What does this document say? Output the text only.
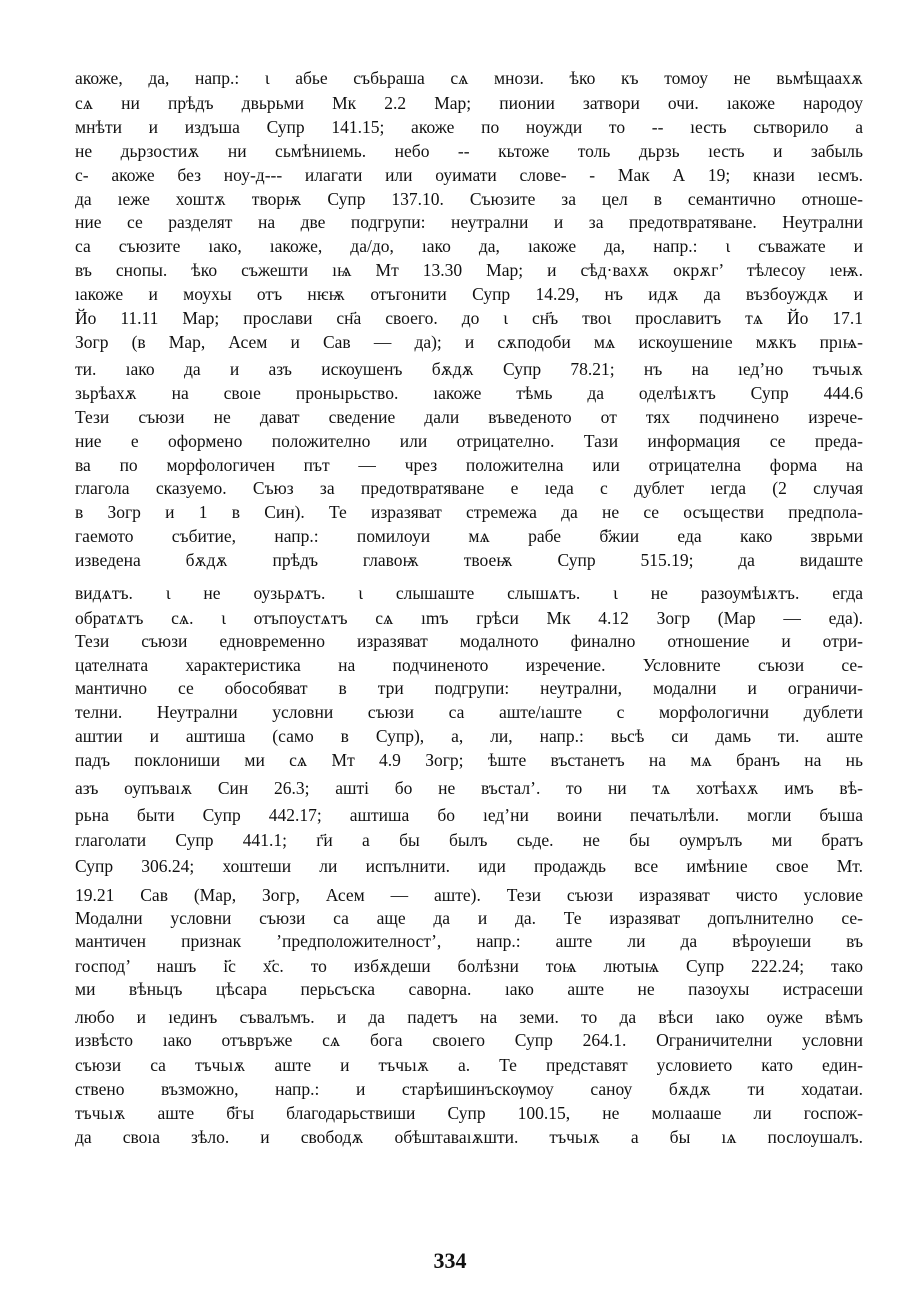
акоже, да, напр.: ι абье събьраша сѧ мнози. ѣко къ томоу не вьмѣщаахѫ
сѧ ни прѣдъ двьрьми Мк 2.2 Мар; пионии затвори очи. ıакоже народоу
мнѣти и издъша Супр 141.15; акоже по ноужди то -- ıесть сьтворило а
не дьрзостиѫ ни сьмѣниıемь. небо -- кьтоже толь дьрзь ıесть и забыль
с- акоже без ноу-д--- илагати или оуимати слове- - Мак А 19; кнази ıесмъ.
да ıеже хоштѫ творѭ Супр 137.10. Съюзите за цел в семантично отноше-
ние се разделят на две подгрупи: неутрални и за предотвратяване. Неутрални
са съюзите ıако, ıакоже, да/до, ıако да, ıакоже да, напр.: ι съважате и
въ снопы. ѣко съжешти ıѩ Мт 13.30 Мар; и сѣд·вахѫ окрѫг’ тѣлесоу ıеѭ.
ıакоже и моухы отъ нѥѭ отъгонити Супр 14.29, нъ идѫ да възбоуждѫ и
Йо 11.11 Мар; прослави сн҃а своего. до ι сн҃ъ твоι прославитъ тѧ Йо 17.1
Зогр (в Мар, Асем и Сав — да); и сѫподоби мѧ искоушениıе мѫкъ прıѩ-
ти. ıако да и азъ искоушенъ бѫдѫ Супр 78.21; нъ на ıед’но тъчьıѫ
зьрѣахѫ на своıе проньıрьство. ıакоже тѣмь да оделѣıѫтъ Супр 444.6
Тези съюзи не дават сведение дали въведеното от тях подчинено изрече-
ние е оформено положително или отрицателно. Тази информация се преда-
ва по морфологичен път — чрез положителна или отрицателна форма на
глагола сказуемо. Съюз за предотвратяване е ıеда с дублет ıегда (2 случая
в Зогр и 1 в Син). Те изразяват стремежа да не се осъществи предпола-
гаемото събитие, напр.: помилоуи мѧ рабе б҃жии еда како зврьми
изведена бѫдѫ прѣдъ главоѭ твоеѭ Супр 515.19; да видаште
видѧтъ. ι не оузьрѧтъ. ι слышаште слышѧтъ. ι не разоумѣıѫтъ. егда
обратѧтъ сѧ. ι отъпоустѧтъ сѧ ımъ грѣси Мк 4.12 Зогр (Мар — еда).
Тези съюзи едновременно изразяват модалното финално отношение и отри-
цателната характеристика на подчиненото изречение. Условните съюзи се-
мантично се обособяват в три подгрупи: неутрални, модални и ограничи-
телни. Неутрални условни съюзи са аште/ıаште с морфологични дублети
аштии и аштиша (само в Супр), а, ли, напр.: вьсѣ си дамь ти. аште
падъ поклониши ми сѧ Мт 4.9 Зогр; ѣште въстанетъ на мѧ бранъ на нь
азъ оупъваıѫ Син 26.3; аштi бо не въстал’. то ни тѧ хотѣахѫ имъ вѣ-
рьна быти Супр 442.17; аштиша бо ıед’ни воини печатьлѣли. могли бъıша
глаголати Супр 441.1; г҃и а бы былъ сьде. не бы оумрълъ ми братъ
Супр 306.24; хоштеши ли испълнити. иди продаждь все имѣниıе свое Мт.
19.21 Сав (Мар, Зогр, Асем — аште). Тези съюзи изразяват чисто условие
Модални условни съюзи са аще да и да. Те изразяват допълнително се-
мантичен признак ’предположителност’, напр.: аште ли да вѣроуıеши въ
господ’ нашъ і҃с х҃с. то избѫдеши болѣзни тоѩ лютыѩ Супр 222.24; тако
ми вѣньцъ цѣсара перьсъска саворна. ıако аште не пазоухы истрасеши
любо и ıединъ съвалъмъ. и да падетъ на земи. то да вѣси ıако оуже вѣмъ
извѣсто ıако отъвръже сѧ бога своıего Супр 264.1. Ограничителни условни
съюзи са тъчьıѫ аште и тъчьıѫ а. Те представят условието като един-
ствено възможно, напр.: и старѣишинъскѹмоу саноу бѫдѫ ти ходатаи.
тъчьıѫ аште б҃гы благодарьствиши Супр 100.15, не молıааше ли госпож-
да своıа зѣло. и свободѫ обѣштаваıѫшти. тъчьıѫ а бы ıѧ послоушалъ.
334
